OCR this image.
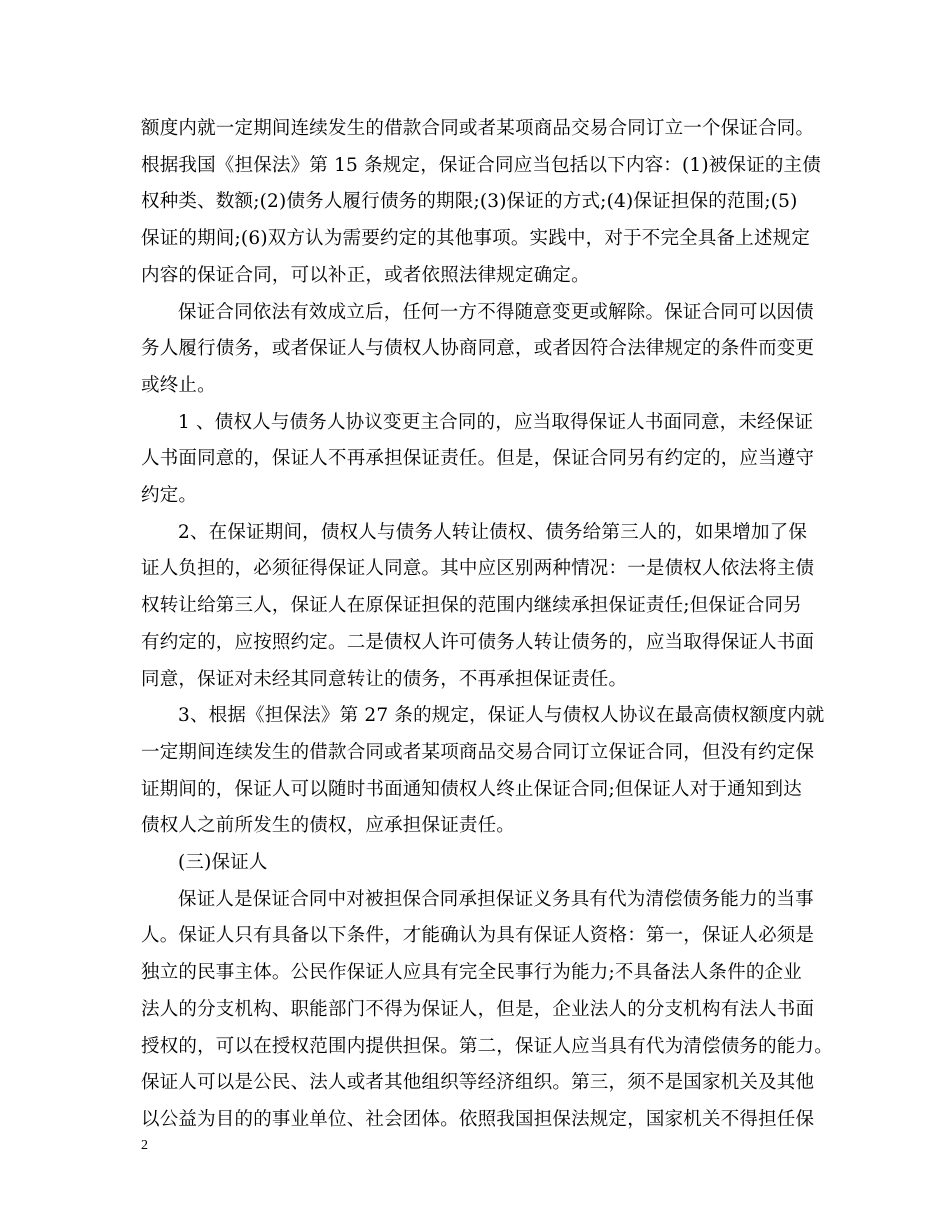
额度内就一定期间连续发生的借款合同或者某项商品交易合同订立一个保证合同。
根据我国《担保法》第 15 条规定，保证合同应当包括以下内容：(1)被保证的主债
权种类、数额;(2)债务人履行债务的期限;(3)保证的方式;(4)保证担保的范围;(5)
保证的期间;(6)双方认为需要约定的其他事项。实践中，对于不完全具备上述规定
内容的保证合同，可以补正，或者依照法律规定确定。
保证合同依法有效成立后，任何一方不得随意变更或解除。保证合同可以因债
务人履行债务，或者保证人与债权人协商同意，或者因符合法律规定的条件而变更
或终止。
1 、债权人与债务人协议变更主合同的，应当取得保证人书面同意，未经保证
人书面同意的，保证人不再承担保证责任。但是，保证合同另有约定的，应当遵守
约定。
2、在保证期间，债权人与债务人转让债权、债务给第三人的，如果增加了保
证人负担的，必须征得保证人同意。其中应区别两种情况：一是债权人依法将主债
权转让给第三人，保证人在原保证担保的范围内继续承担保证责任;但保证合同另
有约定的，应按照约定。二是债权人许可债务人转让债务的，应当取得保证人书面
同意，保证对未经其同意转让的债务，不再承担保证责任。
3、根据《担保法》第 27 条的规定，保证人与债权人协议在最高债权额度内就
一定期间连续发生的借款合同或者某项商品交易合同订立保证合同，但没有约定保
证期间的，保证人可以随时书面通知债权人终止保证合同;但保证人对于通知到达
债权人之前所发生的债权，应承担保证责任。
(三)保证人
保证人是保证合同中对被担保合同承担保证义务具有代为清偿债务能力的当事
人。保证人只有具备以下条件，才能确认为具有保证人资格：第一，保证人必须是
独立的民事主体。公民作保证人应具有完全民事行为能力;不具备法人条件的企业
法人的分支机构、职能部门不得为保证人，但是，企业法人的分支机构有法人书面
授权的，可以在授权范围内提供担保。第二，保证人应当具有代为清偿债务的能力。
保证人可以是公民、法人或者其他组织等经济组织。第三，须不是国家机关及其他
以公益为目的的事业单位、社会团体。依照我国担保法规定，国家机关不得担任保
2
